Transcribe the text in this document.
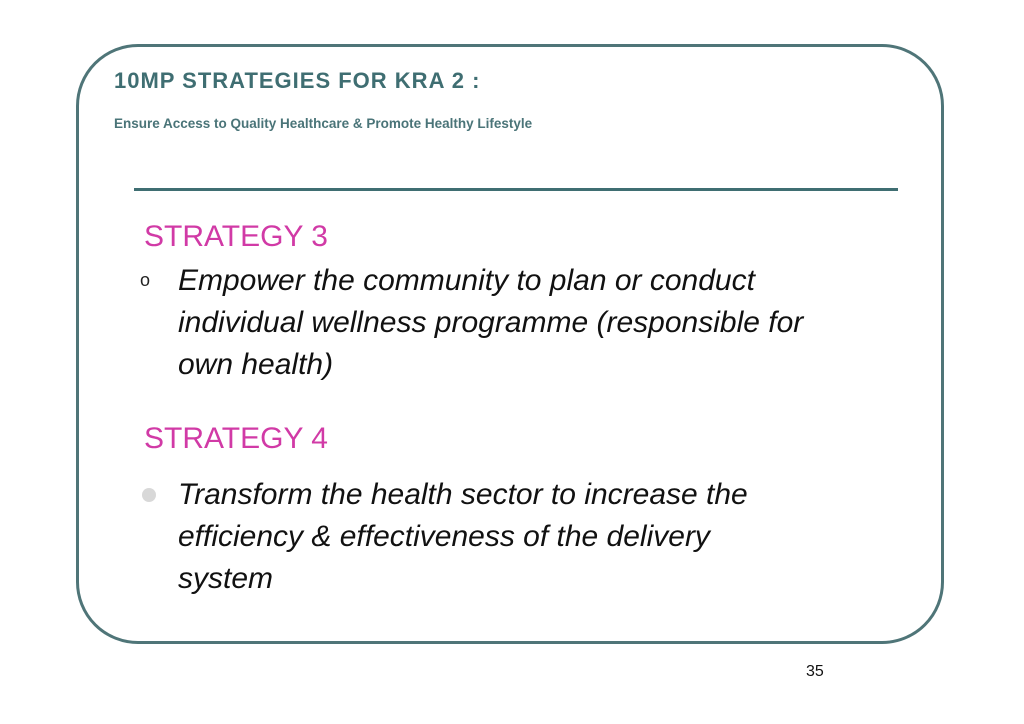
10MP STRATEGIES FOR KRA 2 :
Ensure Access to Quality Healthcare & Promote Healthy Lifestyle
STRATEGY 3
o Empower the community to plan or conduct
individual wellness programme (responsible for
own health)

STRATEGY 4

Transform the health sector to increase the
efficiency & effectiveness of the delivery
system

35
